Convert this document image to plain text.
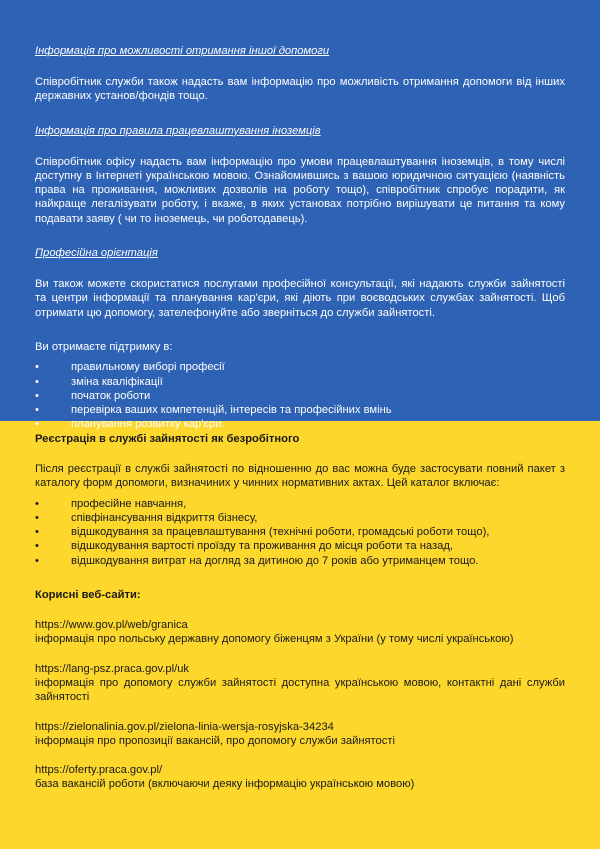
Інформація про можливості отримання іншої допомоги
Співробітник служби також надасть вам інформацію про можливість отримання допомоги від інших державних установ/фондів тощо.
Інформація про правила працевлаштування іноземців
Співробітник офісу надасть вам інформацію про умови працевлаштування іноземців, в тому числі доступну в Інтернеті українською мовою. Ознайомившись з вашою юридичною ситуацією (наявність права на проживання, можливих дозволів на роботу тощо), співробітник спробує порадити, як найкраще легалізувати роботу, і вкаже, в яких установах потрібно вирішувати це питання та кому подавати заяву ( чи то іноземець, чи роботодавець).
Професійна орієнтація
Ви також можете скористатися послугами професійної консультації, які надають служби зайнятості та центри інформації та планування кар'єри, які діють при воєводських службах зайнятості. Щоб отримати цю допомогу, зателефонуйте або зверніться до служби зайнятості.
Ви отримаєте підтримку в:
• правильному виборі професії
• зміна кваліфікації
• початок роботи
• перевірка ваших компетенцій, інтересів та професійних вмінь
• планування розвитку кар'єри.
Реєстрація в службі зайнятості як безробітного
Після реєстрації в службі зайнятості по відношенню до вас можна буде застосувати повний пакет з каталогу форм допомоги, визначиних у чинних нормативних актах. Цей каталог включає:
• професійне навчання,
• співфінансування відкриття бізнесу,
• відшкодування за працевлаштування (технічні роботи, громадські роботи тощо),
• відшкодування вартості проїзду та проживання до місця роботи та назад,
• відшкодування витрат на догляд за дитиною до 7 років або утриманцем тощо.
Корисні веб-сайти:
https://www.gov.pl/web/granica
інформація про польську державну допомогу біженцям з України (у тому числі українською)
https://lang-psz.praca.gov.pl/uk
інформація про допомогу служби зайнятості доступна українською мовою, контактні дані служби зайнятості
https://zielonalinia.gov.pl/zielona-linia-wersja-rosyjska-34234
інформація про пропозиції вакансій, про допомогу служби зайнятості
https://oferty.praca.gov.pl/
база вакансій роботи (включаючи деяку інформацію українською мовою)
